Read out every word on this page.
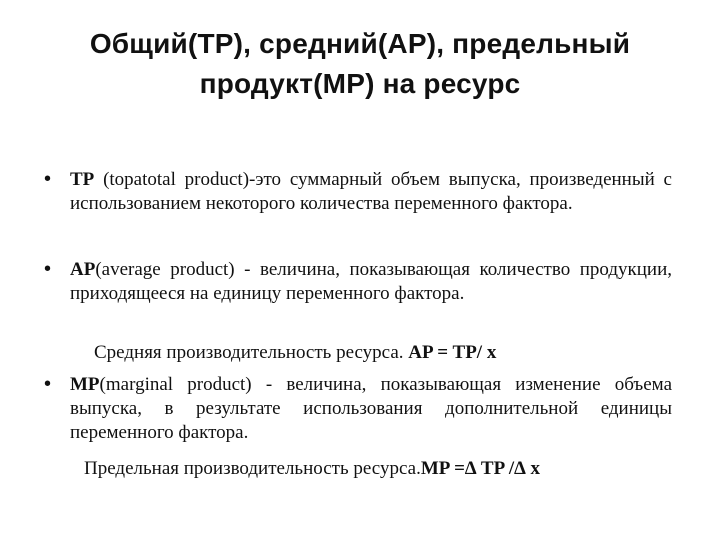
Общий(TP), средний(AP), предельный
продукт(MP) на ресурс
• TP (topatotal product)-это суммарный объем выпуска, произведенный с использованием некоторого количества переменного фактора.
• AP(average product) - величина, показывающая количество продукции, приходящееся на единицу переменного фактора.
Средняя производительность ресурса. AP = TP/ x
• MP(marginal product) - величина, показывающая изменение объема выпуска, в результате использования дополнительной единицы переменного фактора.
Предельная производительность ресурса.MP =∆ TP /∆ x
